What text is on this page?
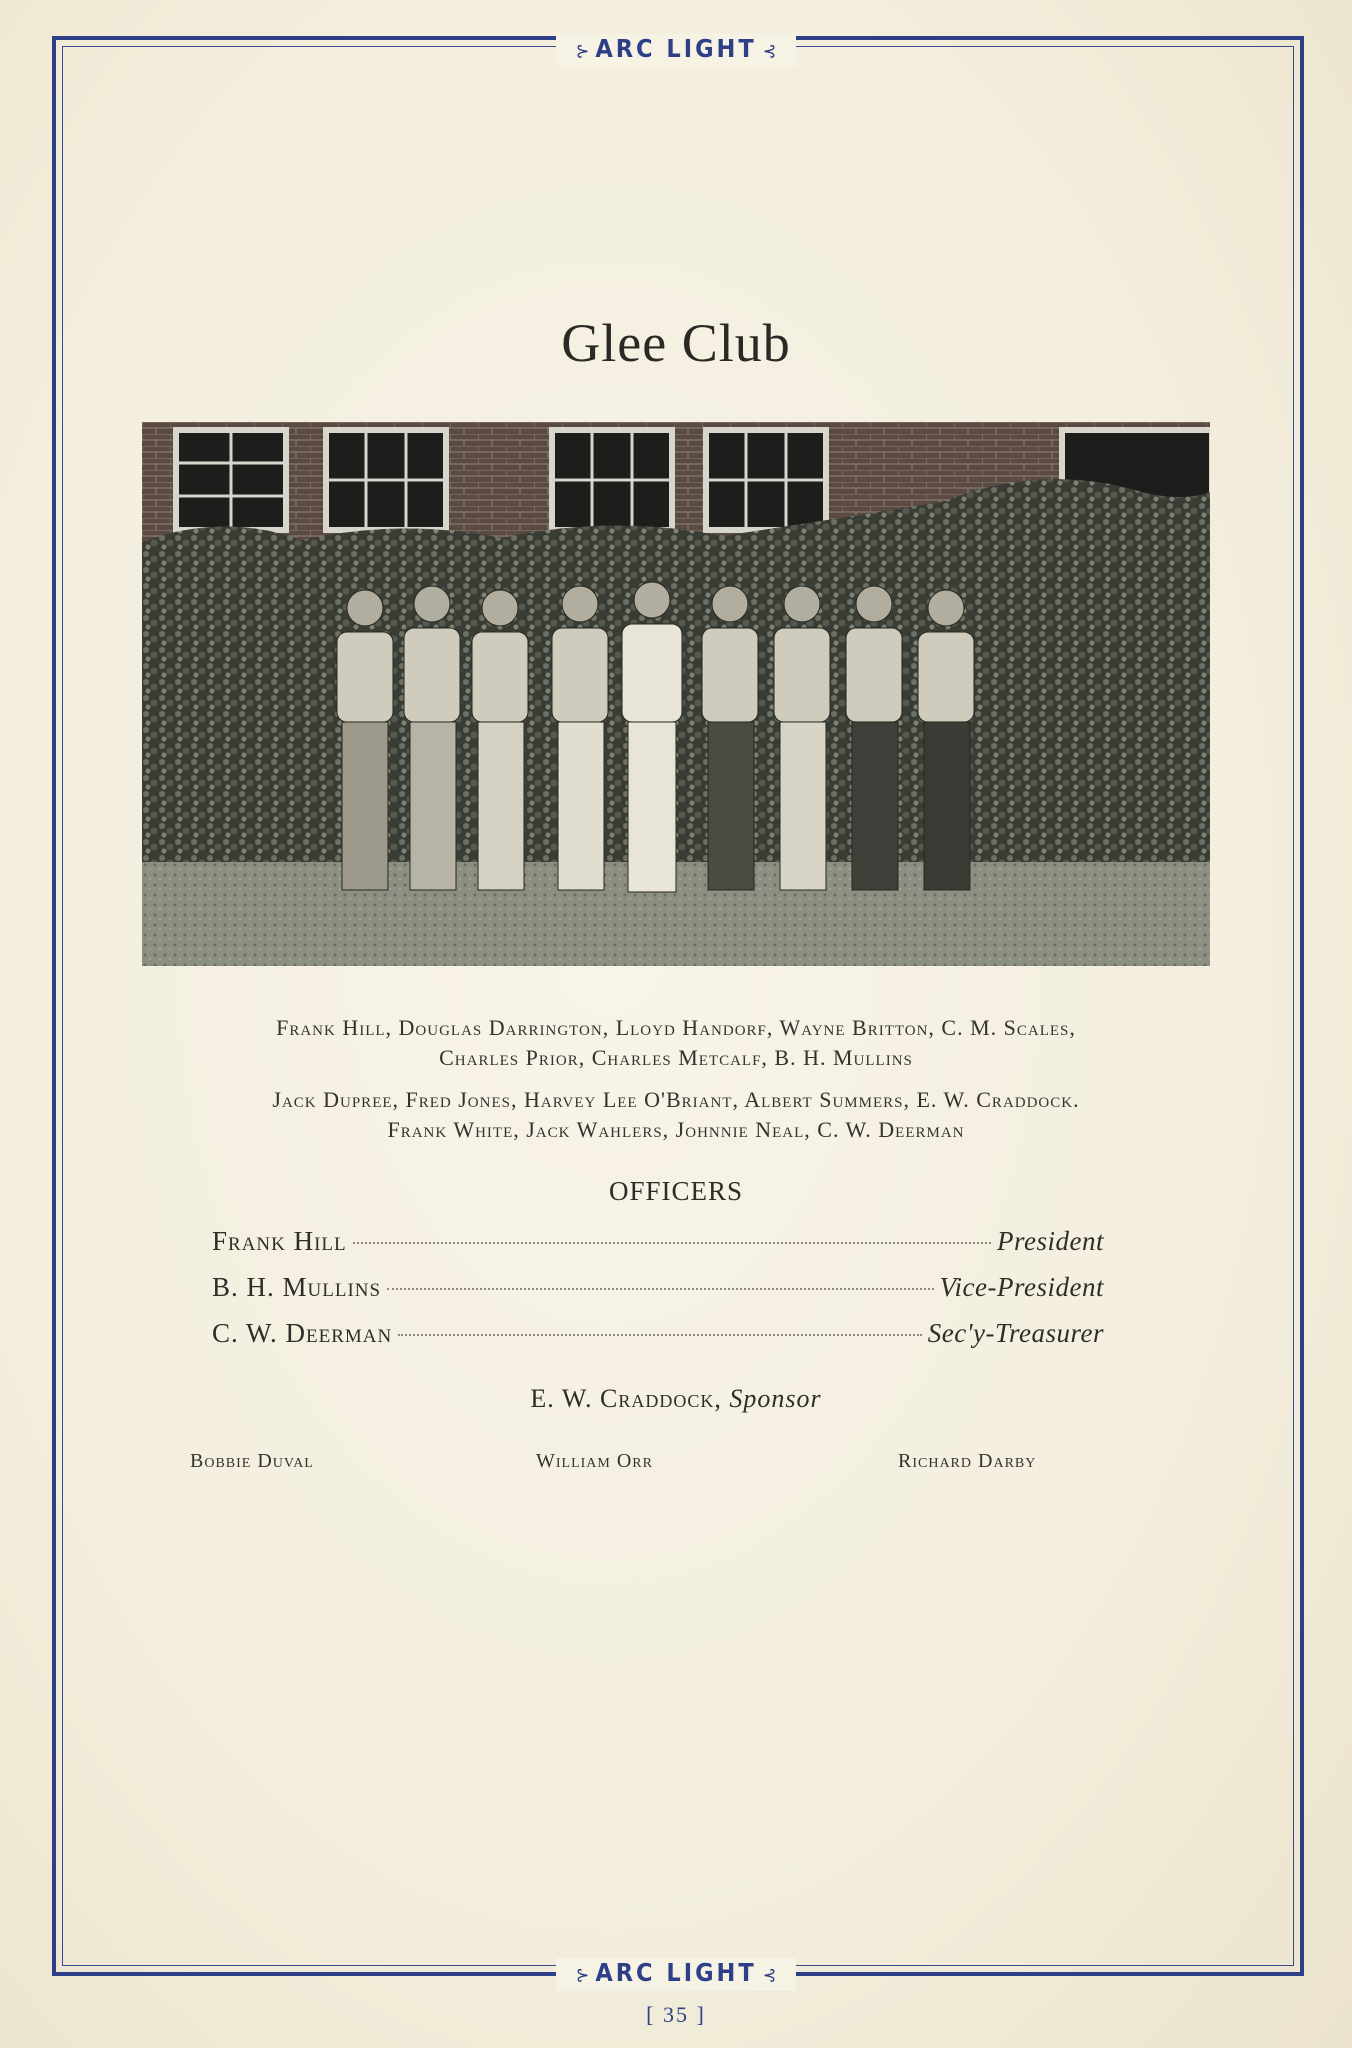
⊱ ARC LIGHT ⊰
Glee Club
Frank Hill, Douglas Darrington, Lloyd Handorf, Wayne Britton, C. M. Scales,
Charles Prior, Charles Metcalf, B. H. Mullins
Jack Dupree, Fred Jones, Harvey Lee O'Briant, Albert Summers, E. W. Craddock.
Frank White, Jack Wahlers, Johnnie Neal, C. W. Deerman
OFFICERS
Frank Hill	President
B. H. Mullins	Vice-President
C. W. Deerman	Sec'y-Treasurer
E. W. Craddock, Sponsor
Bobbie Duval	William Orr	Richard Darby
⊱ ARC LIGHT ⊰
[ 35 ]
